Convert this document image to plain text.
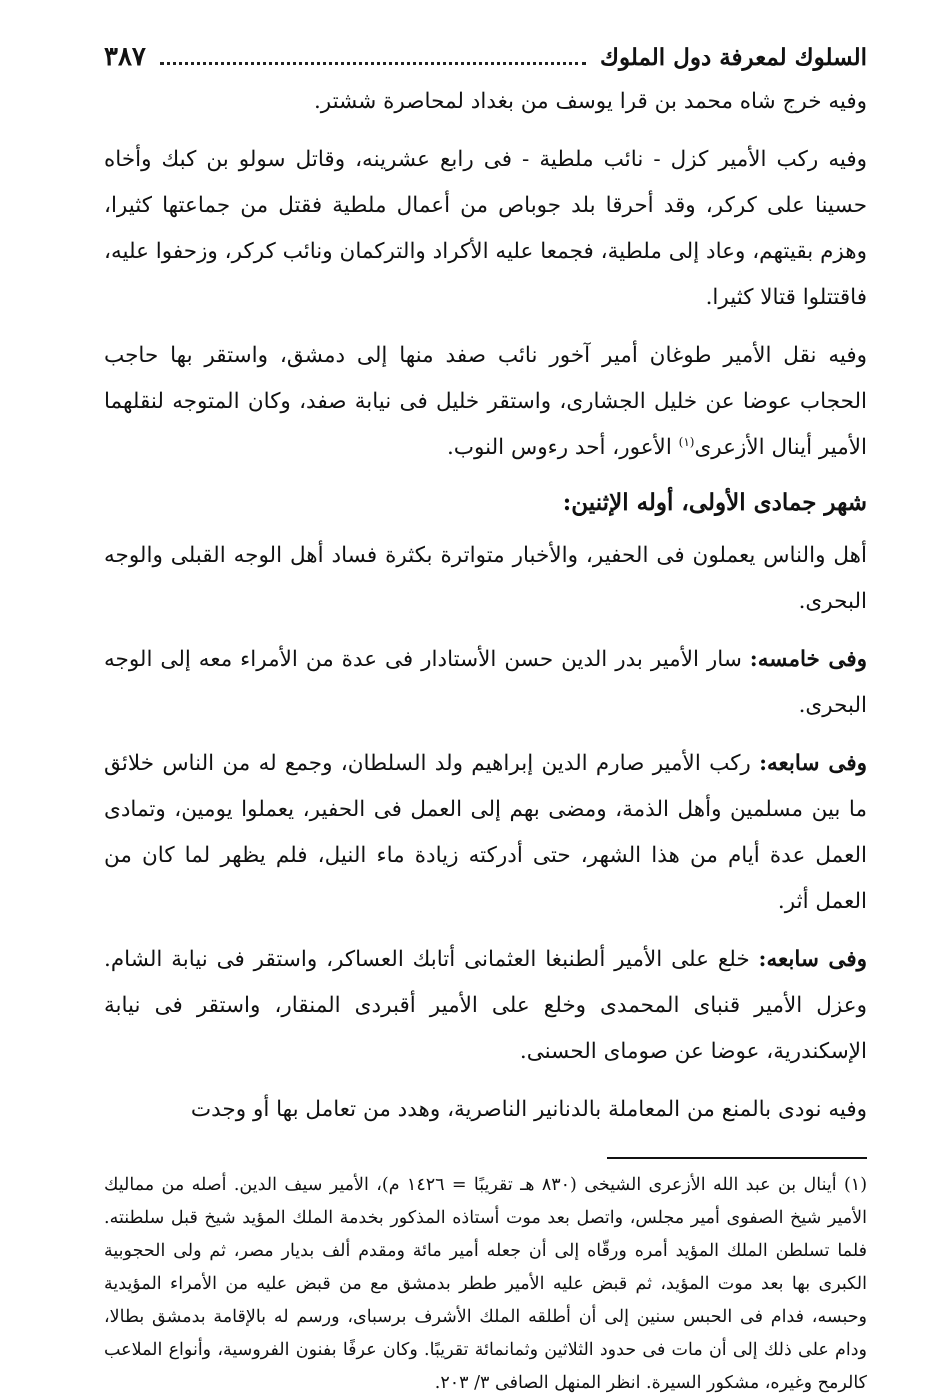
السلوك لمعرفة دول الملوك
٣٨٧

وفيه خرج شاه محمد بن قرا يوسف من بغداد لمحاصرة ششتر.

وفيه ركب الأمير كزل - نائب ملطية - فى رابع عشرينه، وقاتل سولو بن كبك وأخاه حسينا على كركر، وقد أحرقا بلد جوباص من أعمال ملطية فقتل من جماعتها كثيرا، وهزم بقيتهم، وعاد إلى ملطية، فجمعا عليه الأكراد والتركمان ونائب كركر، وزحفوا عليه، فاقتتلوا قتالا كثيرا.

وفيه نقل الأمير طوغان أمير آخور نائب صفد منها إلى دمشق، واستقر بها حاجب الحجاب عوضا عن خليل الجشارى، واستقر خليل فى نيابة صفد، وكان المتوجه لنقلهما الأمير أينال الأزعرى$^{(١)}$ الأعور، أحد رءوس النوب.

شهر جمادى الأولى، أوله الإثنين:

أهل والناس يعملون فى الحفير، والأخبار متواترة بكثرة فساد أهل الوجه القبلى والوجه البحرى.

وفى خامسه: سار الأمير بدر الدين حسن الأستادار فى عدة من الأمراء معه إلى الوجه البحرى.

وفى سابعه: ركب الأمير صارم الدين إبراهيم ولد السلطان، وجمع له من الناس خلائق ما بين مسلمين وأهل الذمة، ومضى بهم إلى العمل فى الحفير، يعملوا يومين، وتمادى العمل عدة أيام من هذا الشهر، حتى أدركته زيادة ماء النيل، فلم يظهر لما كان من العمل أثر.

وفى سابعه: خلع على الأمير ألطنبغا العثمانى أتابك العساكر، واستقر فى نيابة الشام. وعزل الأمير قنباى المحمدى وخلع على الأمير أقبردى المنقار، واستقر فى نيابة الإسكندرية، عوضا عن صوماى الحسنى.

وفيه نودى بالمنع من المعاملة بالدنانير الناصرية، وهدد من تعامل بها أو وجدت

(١) أينال بن عبد الله الأزعرى الشيخى (٨٣٠ هـ تقريبًا = ١٤٢٦ م)، الأمير سيف الدين. أصله من مماليك الأمير شيخ الصفوى أمير مجلس، واتصل بعد موت أستاذه المذكور بخدمة الملك المؤيد شيخ قبل سلطنته. فلما تسلطن الملك المؤيد أمره ورقّاه إلى أن جعله أمير مائة ومقدم ألف بديار مصر، ثم ولى الحجوبية الكبرى بها بعد موت المؤيد، ثم قبض عليه الأمير ططر بدمشق مع من قبض عليه من الأمراء المؤيدية وحبسه، فدام فى الحبس سنين إلى أن أطلقه الملك الأشرف برسباى، ورسم له بالإقامة بدمشق بطالا، ودام على ذلك إلى أن مات فى حدود الثلاثين وثمانمائة تقريبًا. وكان عرفًا بفنون الفروسية، وأنواع الملاعب كالرمح وغيره، مشكور السيرة. انظر المنهل الصافى ٣/ ٢٠٣.
